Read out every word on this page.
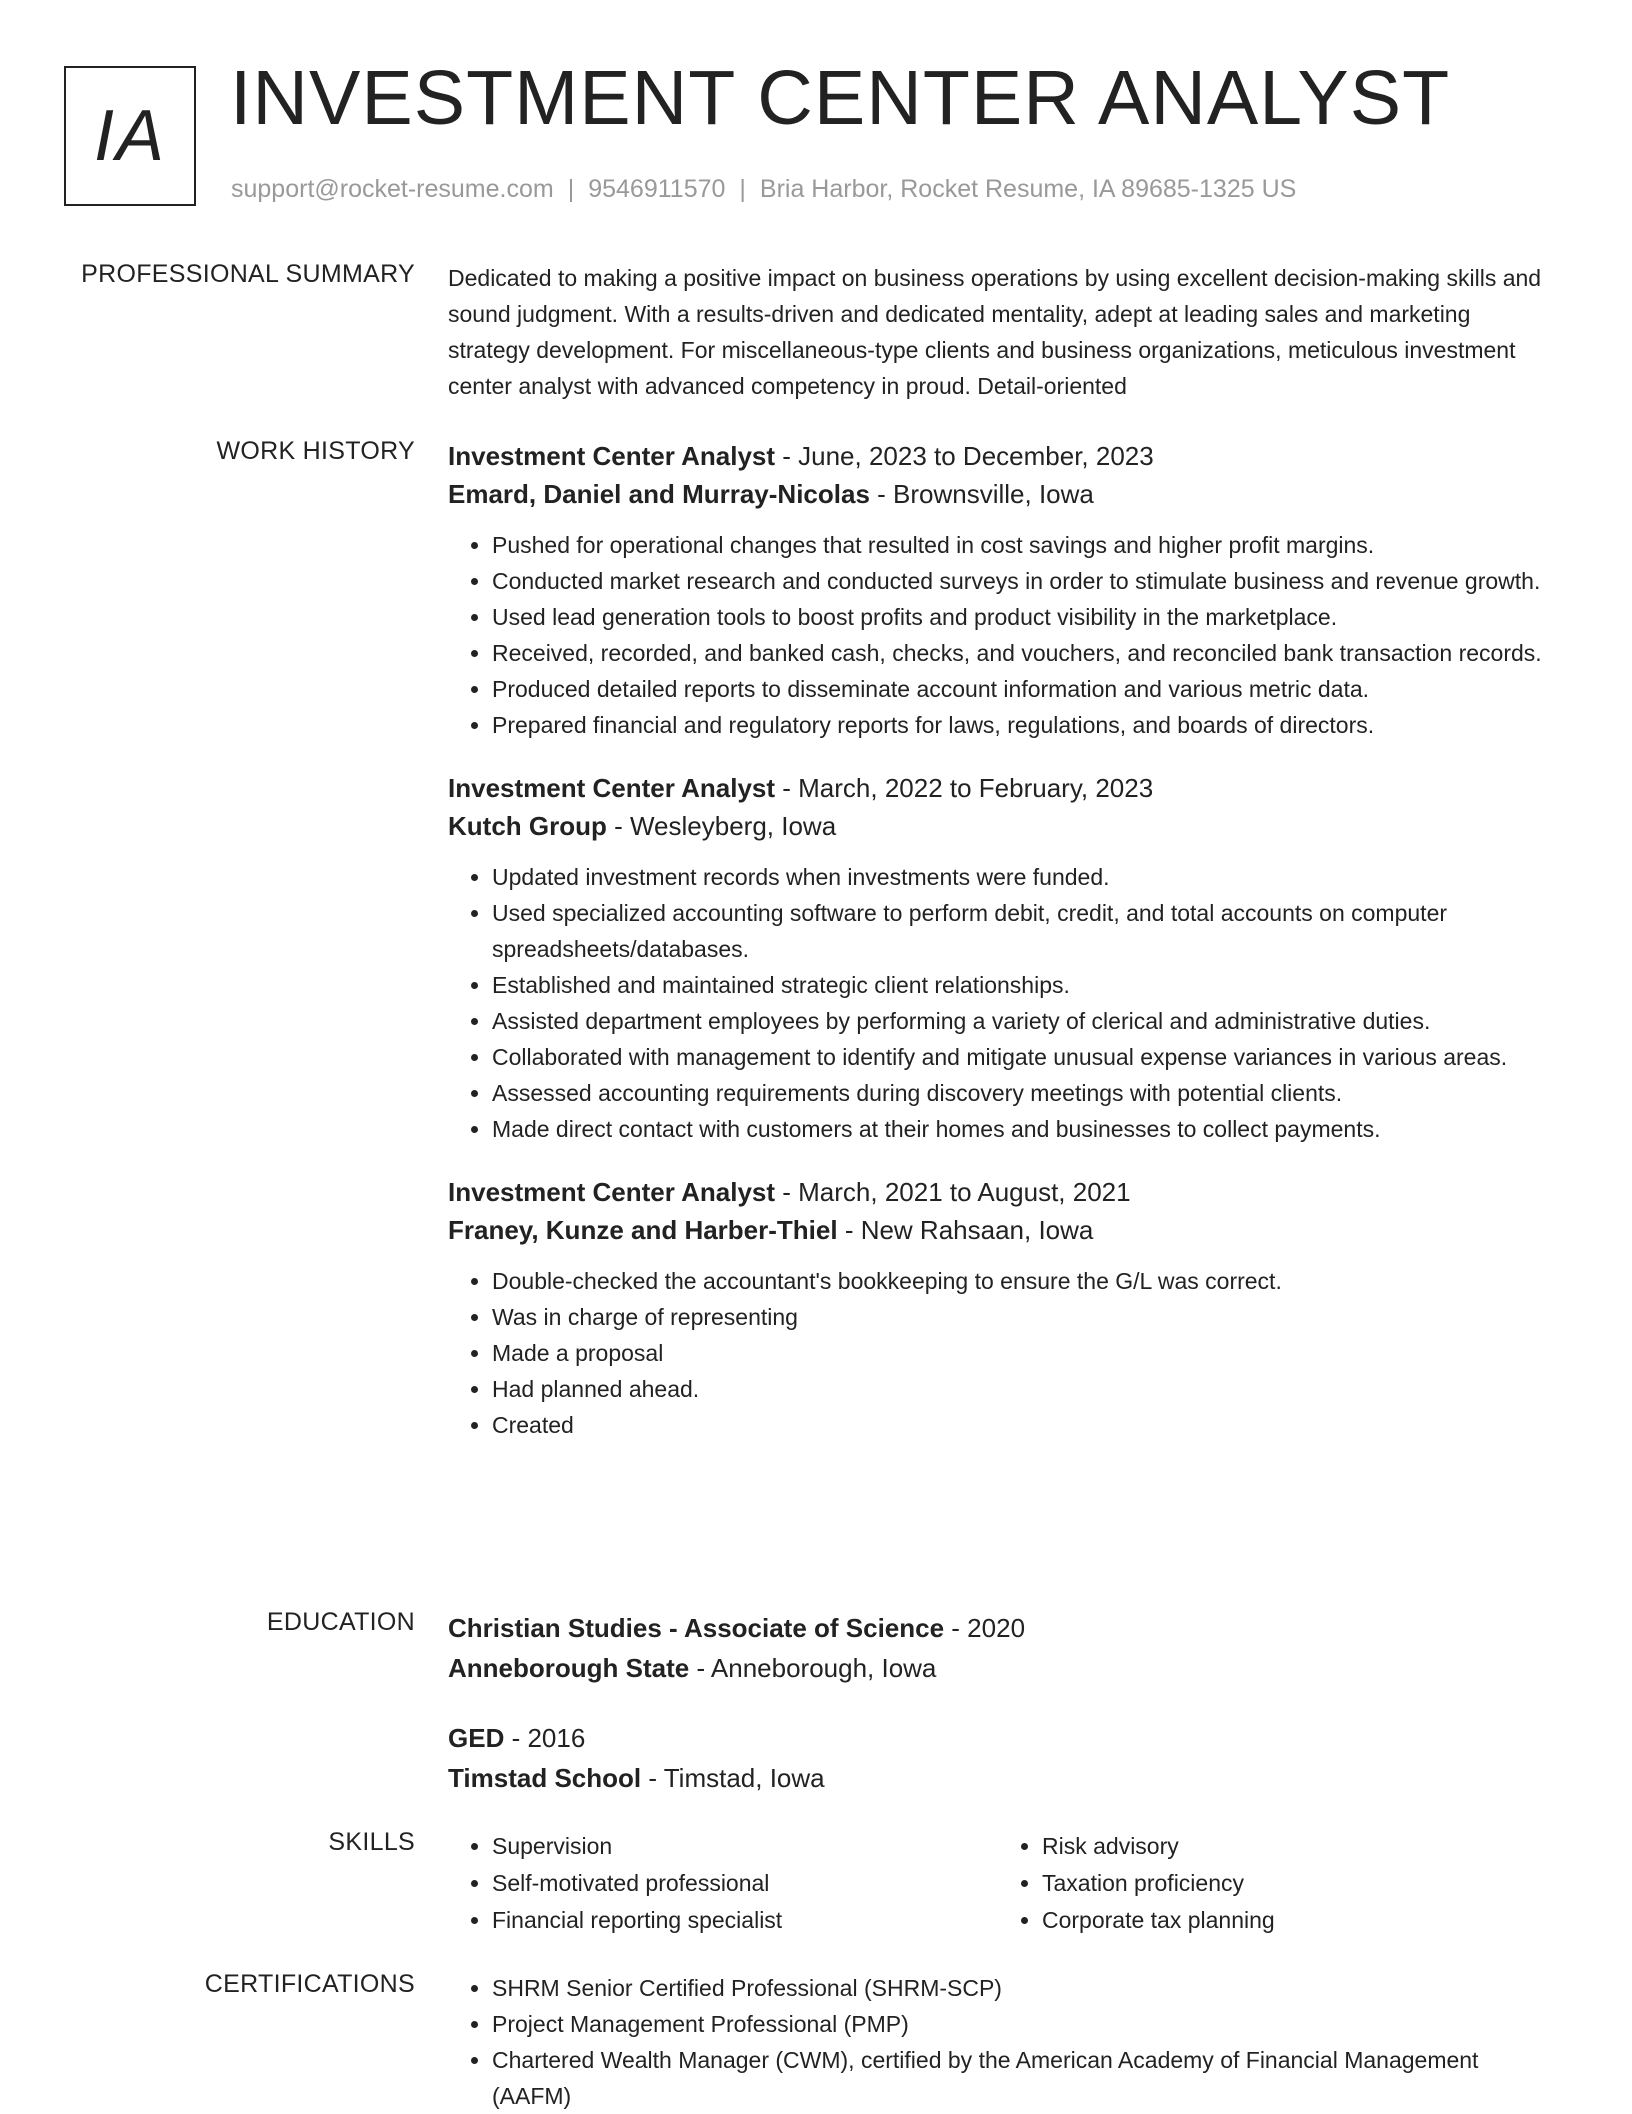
IA INVESTMENT CENTER ANALYST
support@rocket-resume.com | 9546911570 | Bria Harbor, Rocket Resume, IA 89685-1325 US
PROFESSIONAL SUMMARY Dedicated to making a positive impact on business operations by using excellent decision-making skills and sound judgment. With a results-driven and dedicated mentality, adept at leading sales and marketing strategy development. For miscellaneous-type clients and business organizations, meticulous investment center analyst with advanced competency in proud. Detail-oriented

WORK HISTORY Investment Center Analyst - June, 2023 to December, 2023
Emard, Daniel and Murray-Nicolas - Brownsville, Iowa
• Pushed for operational changes that resulted in cost savings and higher profit margins.
• Conducted market research and conducted surveys in order to stimulate business and revenue growth.
• Used lead generation tools to boost profits and product visibility in the marketplace.
• Received, recorded, and banked cash, checks, and vouchers, and reconciled bank transaction records.
• Produced detailed reports to disseminate account information and various metric data.
• Prepared financial and regulatory reports for laws, regulations, and boards of directors.
Investment Center Analyst - March, 2022 to February, 2023
Kutch Group - Wesleyberg, Iowa
• Updated investment records when investments were funded.
• Used specialized accounting software to perform debit, credit, and total accounts on computer spreadsheets/databases.
• Established and maintained strategic client relationships.
• Assisted department employees by performing a variety of clerical and administrative duties.
• Collaborated with management to identify and mitigate unusual expense variances in various areas.
• Assessed accounting requirements during discovery meetings with potential clients.
• Made direct contact with customers at their homes and businesses to collect payments.
Investment Center Analyst - March, 2021 to August, 2021
Franey, Kunze and Harber-Thiel - New Rahsaan, Iowa
• Double-checked the accountant's bookkeeping to ensure the G/L was correct.
• Was in charge of representing
• Made a proposal
• Had planned ahead.
• Created
EDUCATION Christian Studies - Associate of Science - 2020
Anneborough State - Anneborough, Iowa
GED - 2016
Timstad School - Timstad, Iowa
SKILLS	• Supervision
• Self-motivated professional
• Financial reporting specialist
• Risk advisory
• Taxation proficiency
• Corporate tax planning
CERTIFICATIONS	• SHRM Senior Certified Professional (SHRM-SCP)
• Project Management Professional (PMP)
• Chartered Wealth Manager (CWM), certified by the American Academy of Financial Management (AAFM)
